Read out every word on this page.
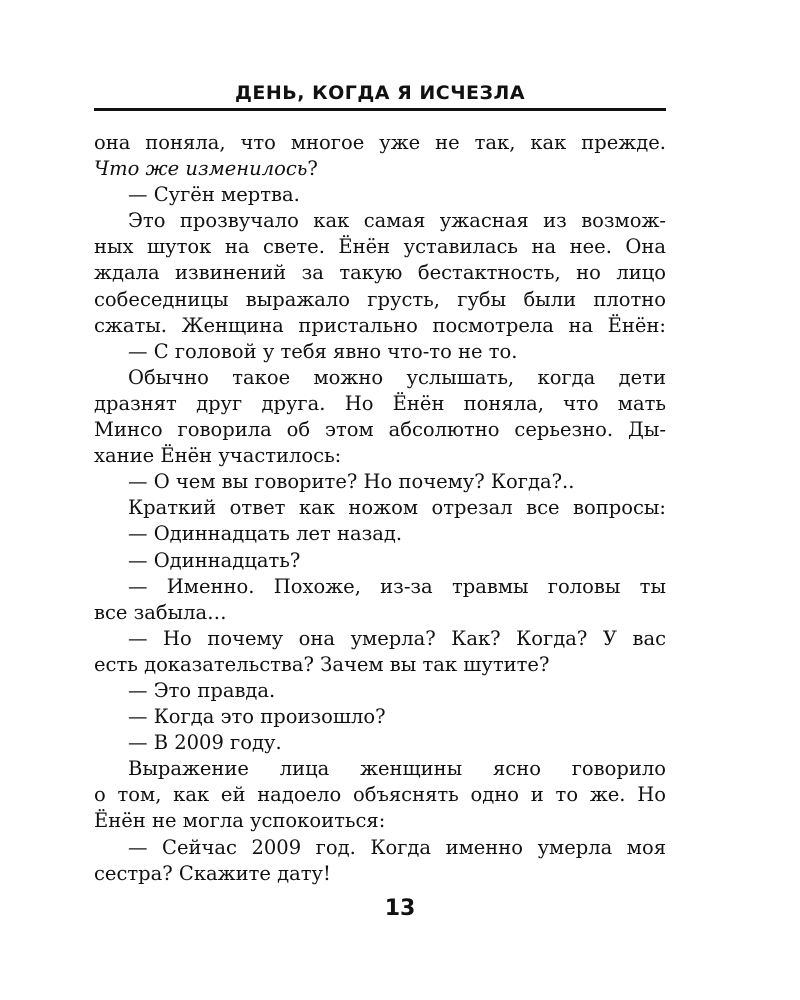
ДЕНЬ, КОГДА Я ИСЧЕЗЛА
она поняла, что многое уже не так, как прежде.
Что же изменилось?
— Сугён мертва.
Это прозвучало как самая ужасная из возмож-
ных шуток на свете. Ёнён уставилась на нее. Она
ждала извинений за такую бестактность, но лицо
собеседницы выражало грусть, губы были плотно
сжаты. Женщина пристально посмотрела на Ёнён:
— С головой у тебя явно что-то не то.
Обычно такое можно услышать, когда дети
дразнят друг друга. Но Ёнён поняла, что мать
Минсо говорила об этом абсолютно серьезно. Ды-
хание Ёнён участилось:
— О чем вы говорите? Но почему? Когда?..
Краткий ответ как ножом отрезал все вопросы:
— Одиннадцать лет назад.
— Одиннадцать?
— Именно. Похоже, из-за травмы головы ты
все забыла…
— Но почему она умерла? Как? Когда? У вас
есть доказательства? Зачем вы так шутите?
— Это правда.
— Когда это произошло?
— В 2009 году.
Выражение лица женщины ясно говорило
о том, как ей надоело объяснять одно и то же. Но
Ёнён не могла успокоиться:
— Сейчас 2009 год. Когда именно умерла моя
сестра? Скажите дату!
13
